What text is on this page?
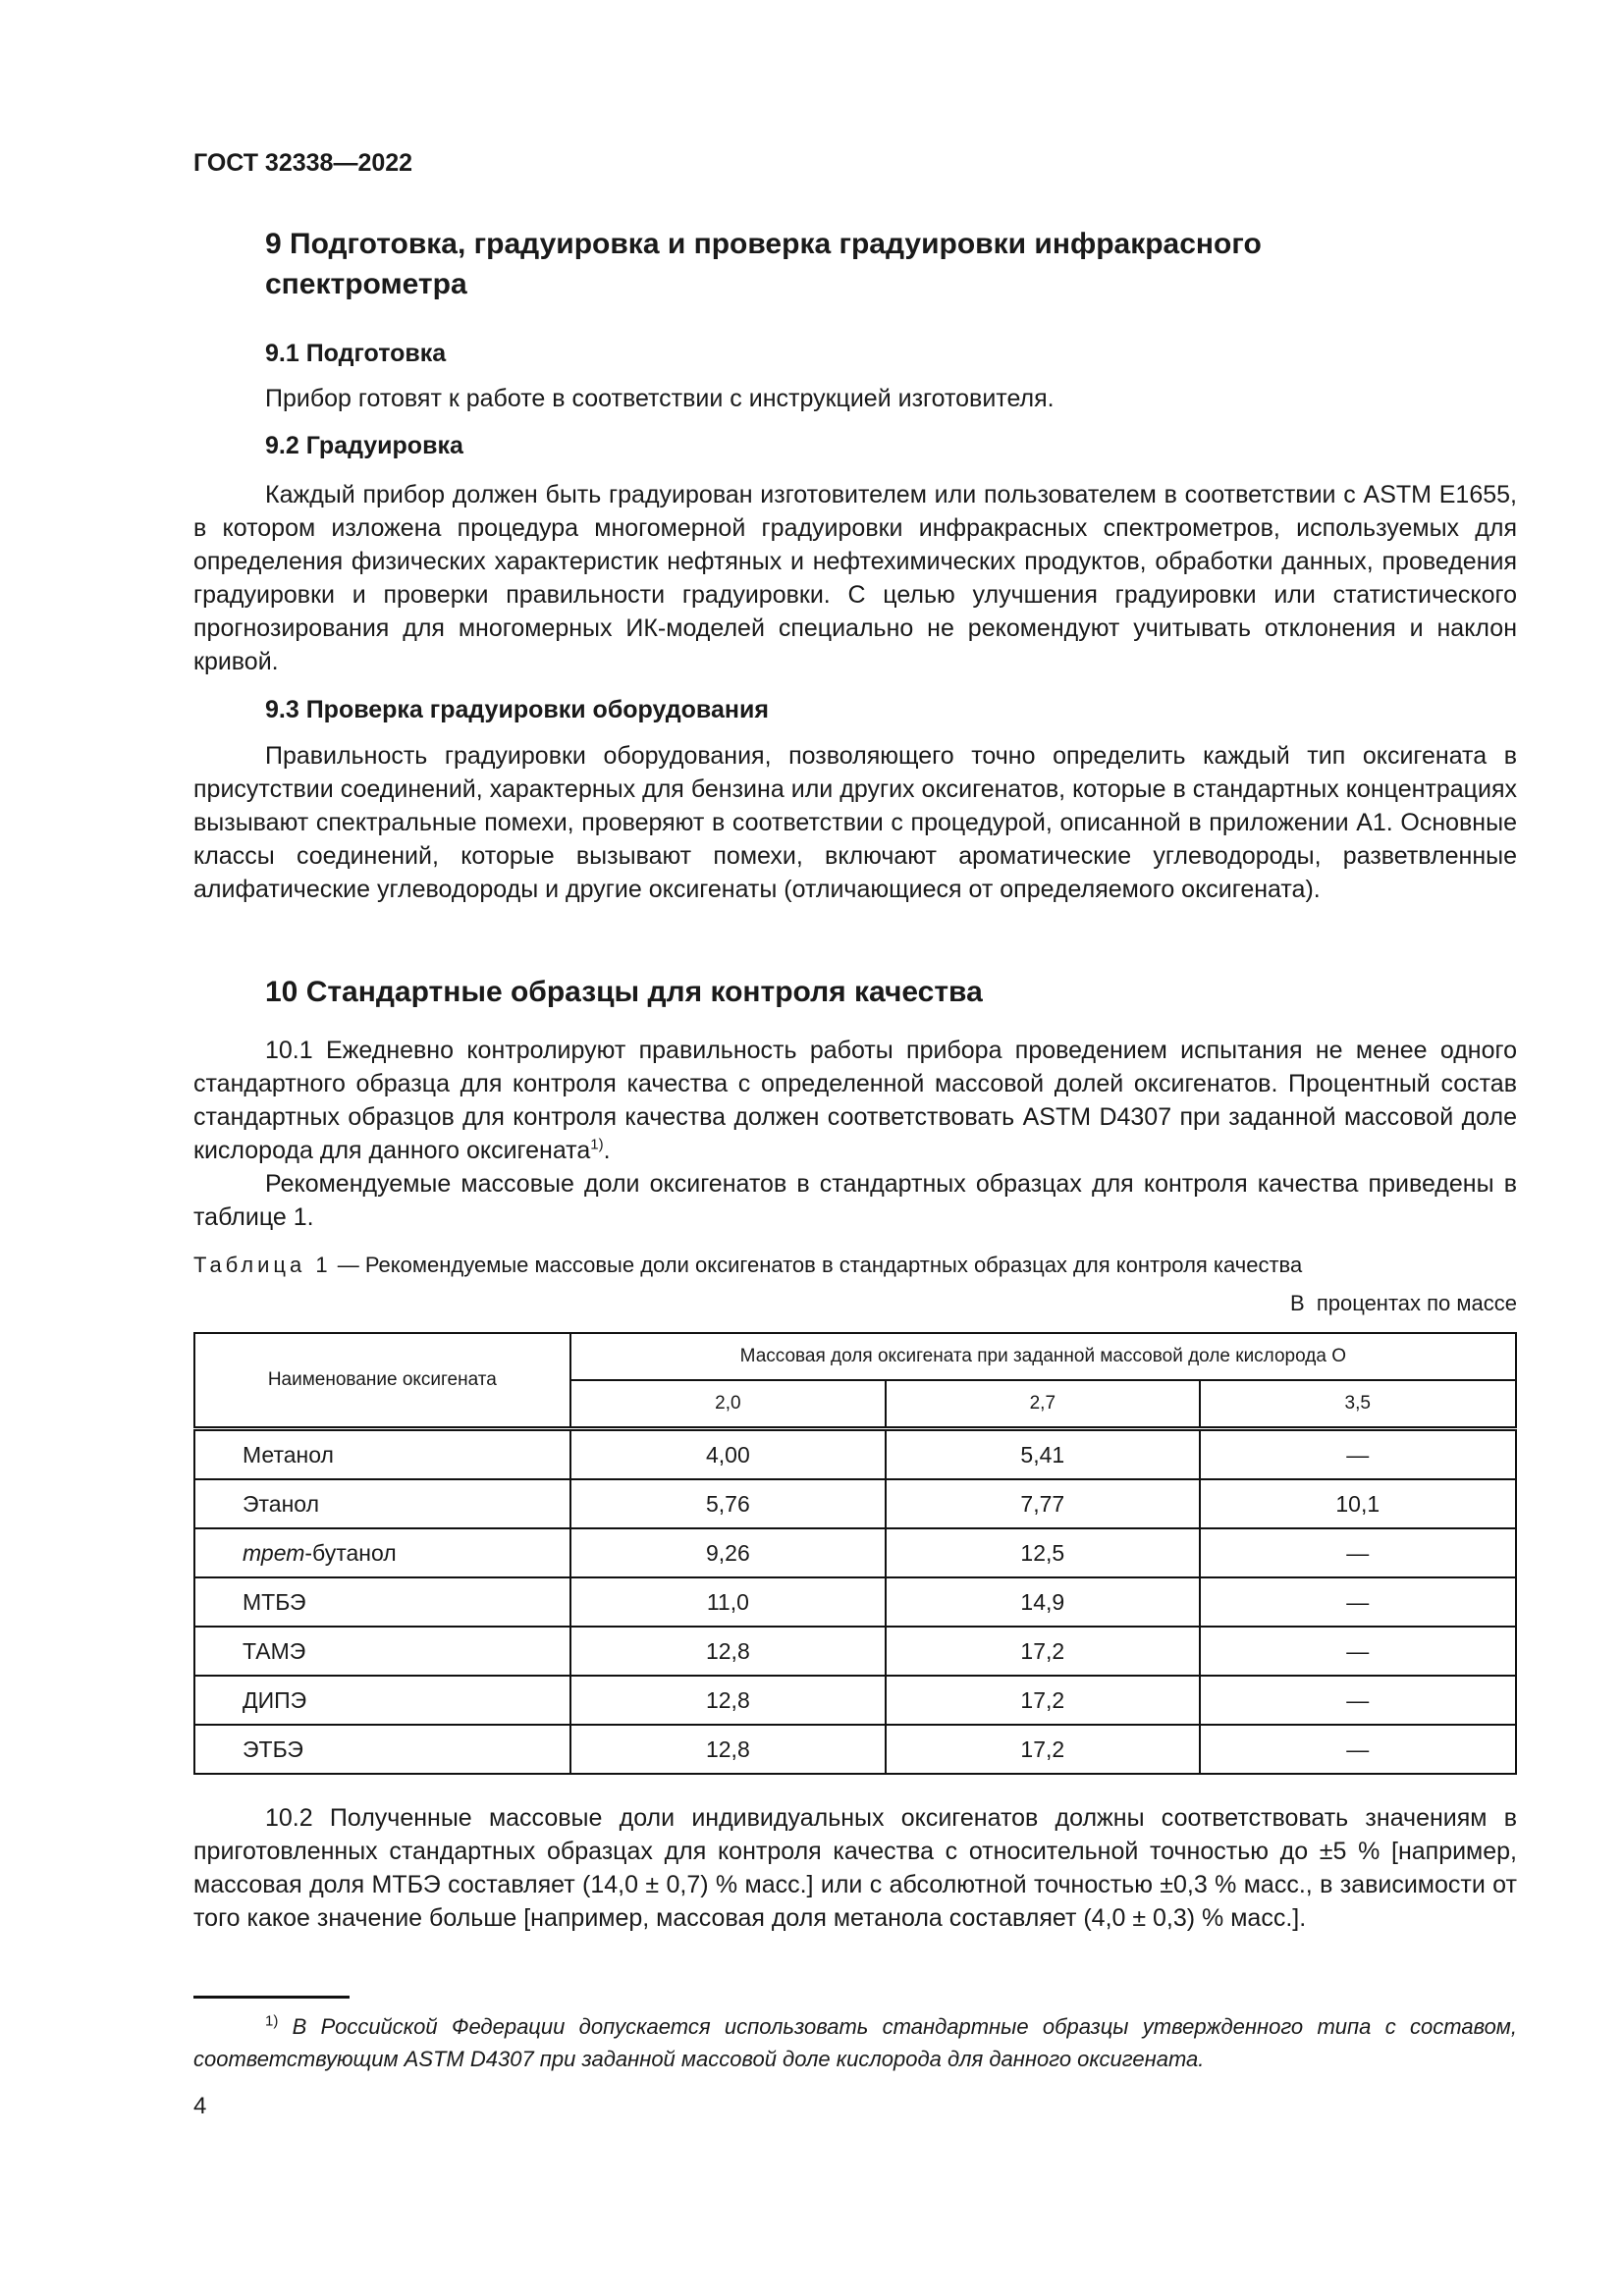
ГОСТ 32338—2022

9 Подготовка, градуировка и проверка градуировки инфракрасного спектрометра

9.1 Подготовка

Прибор готовят к работе в соответствии с инструкцией изготовителя.

9.2 Градуировка

Каждый прибор должен быть градуирован изготовителем или пользователем в соответствии с ASTM E1655, в котором изложена процедура многомерной градуировки инфракрасных спектрометров, используемых для определения физических характеристик нефтяных и нефтехимических продуктов, обработки данных, проведения градуировки и проверки правильности градуировки. С целью улучшения градуировки или статистического прогнозирования для многомерных ИК-моделей специально не рекомендуют учитывать отклонения и наклон кривой.

9.3 Проверка градуировки оборудования

Правильность градуировки оборудования, позволяющего точно определить каждый тип оксигената в присутствии соединений, характерных для бензина или других оксигенатов, которые в стандартных концентрациях вызывают спектральные помехи, проверяют в соответствии с процедурой, описанной в приложении А1. Основные классы соединений, которые вызывают помехи, включают ароматические углеводороды, разветвленные алифатические углеводороды и другие оксигенаты (отличающиеся от определяемого оксигената).

10 Стандартные образцы для контроля качества

10.1 Ежедневно контролируют правильность работы прибора проведением испытания не менее одного стандартного образца для контроля качества с определенной массовой долей оксигенатов. Процентный состав стандартных образцов для контроля качества должен соответствовать ASTM D4307 при заданной массовой доле кислорода для данного оксигената$^{1)}$.

Рекомендуемые массовые доли оксигенатов в стандартных образцах для контроля качества приведены в таблице 1.

Таблица 1 — Рекомендуемые массовые доли оксигенатов в стандартных образцах для контроля качества
В  процентах по массе
Наименование оксигената	Массовая доля оксигената при заданной массовой доле кислорода О		
	2,0	2,7	3,5
Метанол	4,00	5,41	—
Этанол	5,76	7,77	10,1
трет-бутанол	9,26	12,5	—
МТБЭ	11,0	14,9	—
ТАМЭ	12,8	17,2	—
ДИПЭ	12,8	17,2	—
ЭТБЭ	12,8	17,2	—

10.2 Полученные массовые доли индивидуальных оксигенатов должны соответствовать значениям в приготовленных стандартных образцах для контроля качества с относительной точностью до ±5 % [например, массовая доля МТБЭ составляет (14,0 ± 0,7) % масс.] или с абсолютной точностью ±0,3 % масс., в зависимости от того какое значение больше [например, массовая доля метанола составляет (4,0 ± 0,3) % масс.].

$^{1)}$ В Российской Федерации допускается использовать стандартные образцы утвержденного типа с составом, соответствующим ASTM D4307 при заданной массовой доле кислорода для данного оксигената.

4
